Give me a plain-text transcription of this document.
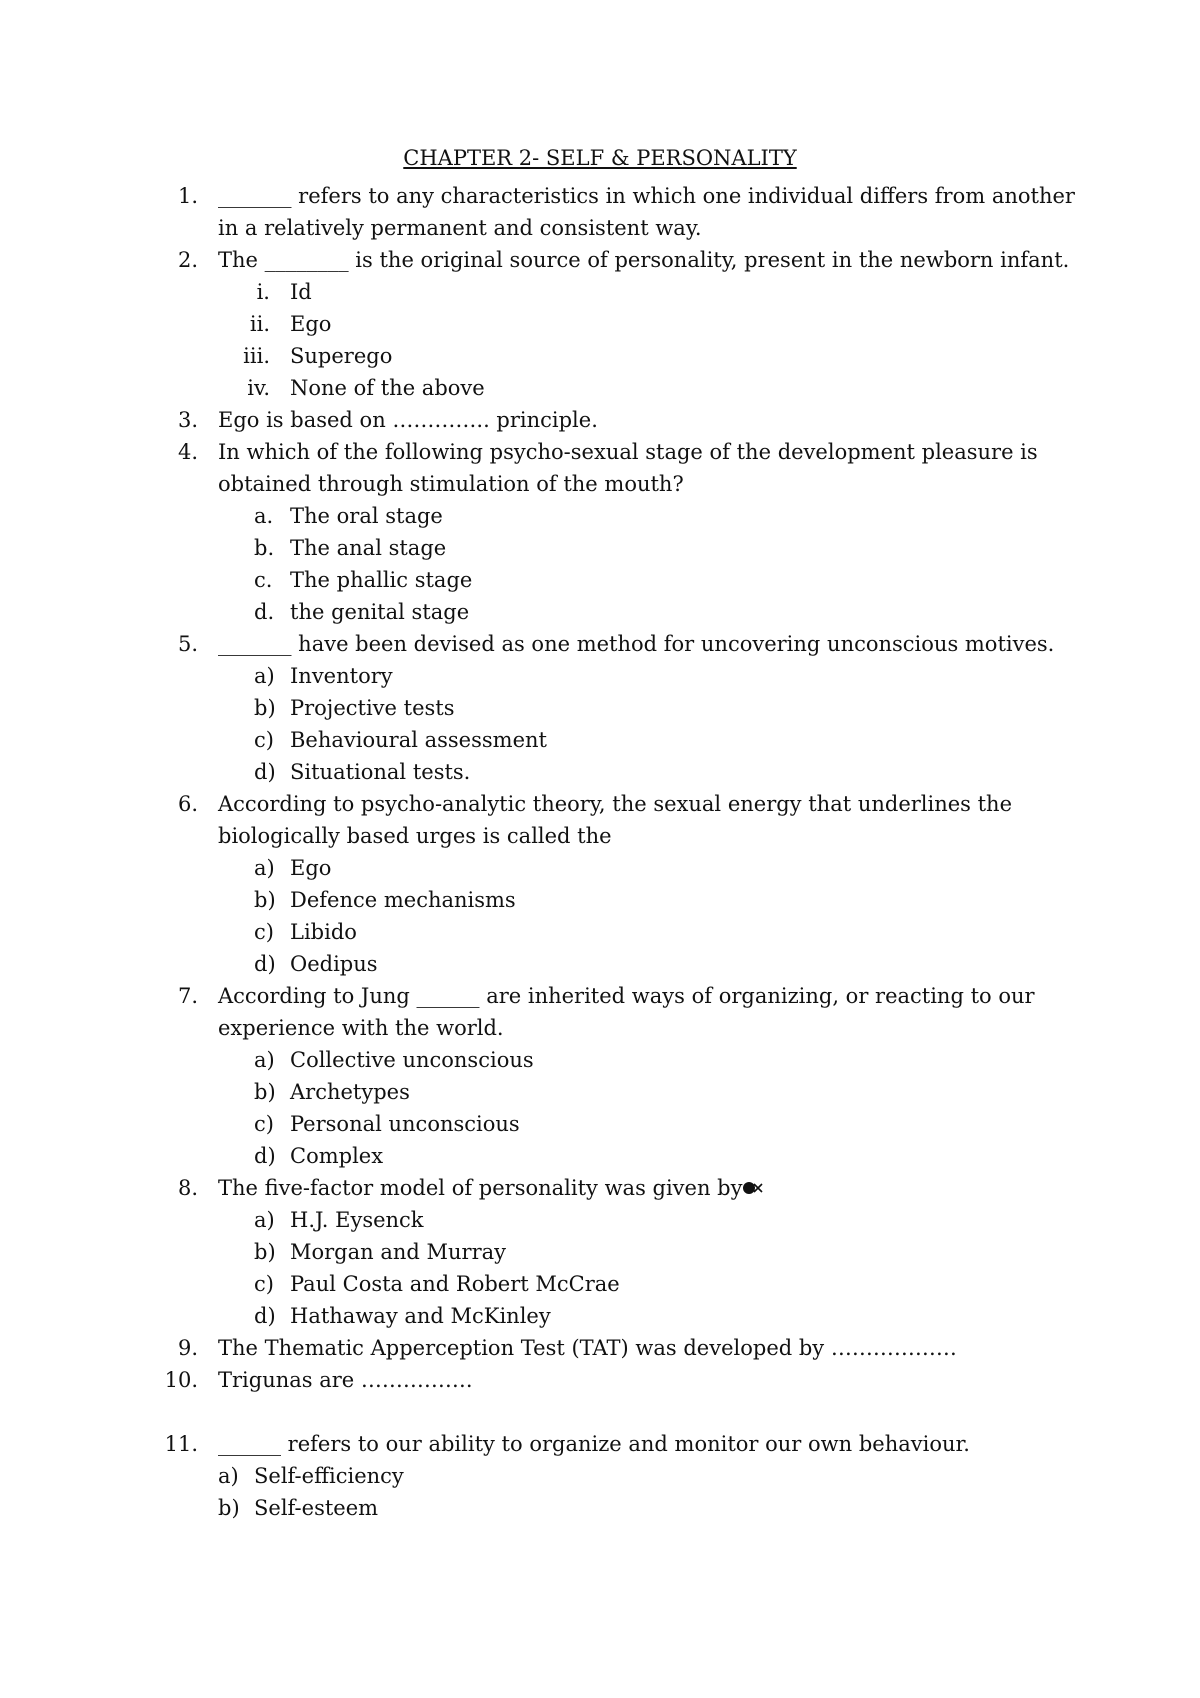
CHAPTER 2- SELF & PERSONALITY
1. _______ refers to any characteristics in which one individual differs from another
in a relatively permanent and consistent way.
2. The ________ is the original source of personality, present in the newborn infant.
i. Id
ii. Ego
iii. Superego
iv. None of the above
3. Ego is based on ………….. principle.
4. In which of the following psycho-sexual stage of the development pleasure is
obtained through stimulation of the mouth?
a. The oral stage
b. The anal stage
c. The phallic stage
d. the genital stage
5. _______ have been devised as one method for uncovering unconscious motives.
a) Inventory
b) Projective tests
c) Behavioural assessment
d) Situational tests.
6. According to psycho-analytic theory, the sexual energy that underlines the
biologically based urges is called the
a) Ego
b) Defence mechanisms
c) Libido
d) Oedipus
7. According to Jung ______ are inherited ways of organizing, or reacting to our
experience with the world.
a) Collective unconscious
b) Archetypes
c) Personal unconscious
d) Complex
8. The five-factor model of personality was given by
a) H.J. Eysenck
b) Morgan and Murray
c) Paul Costa and Robert McCrae
d) Hathaway and McKinley
9. The Thematic Apperception Test (TAT) was developed by ………………
10. Trigunas are …………….
11. ______ refers to our ability to organize and monitor our own behaviour.
a) Self-efficiency
b) Self-esteem
